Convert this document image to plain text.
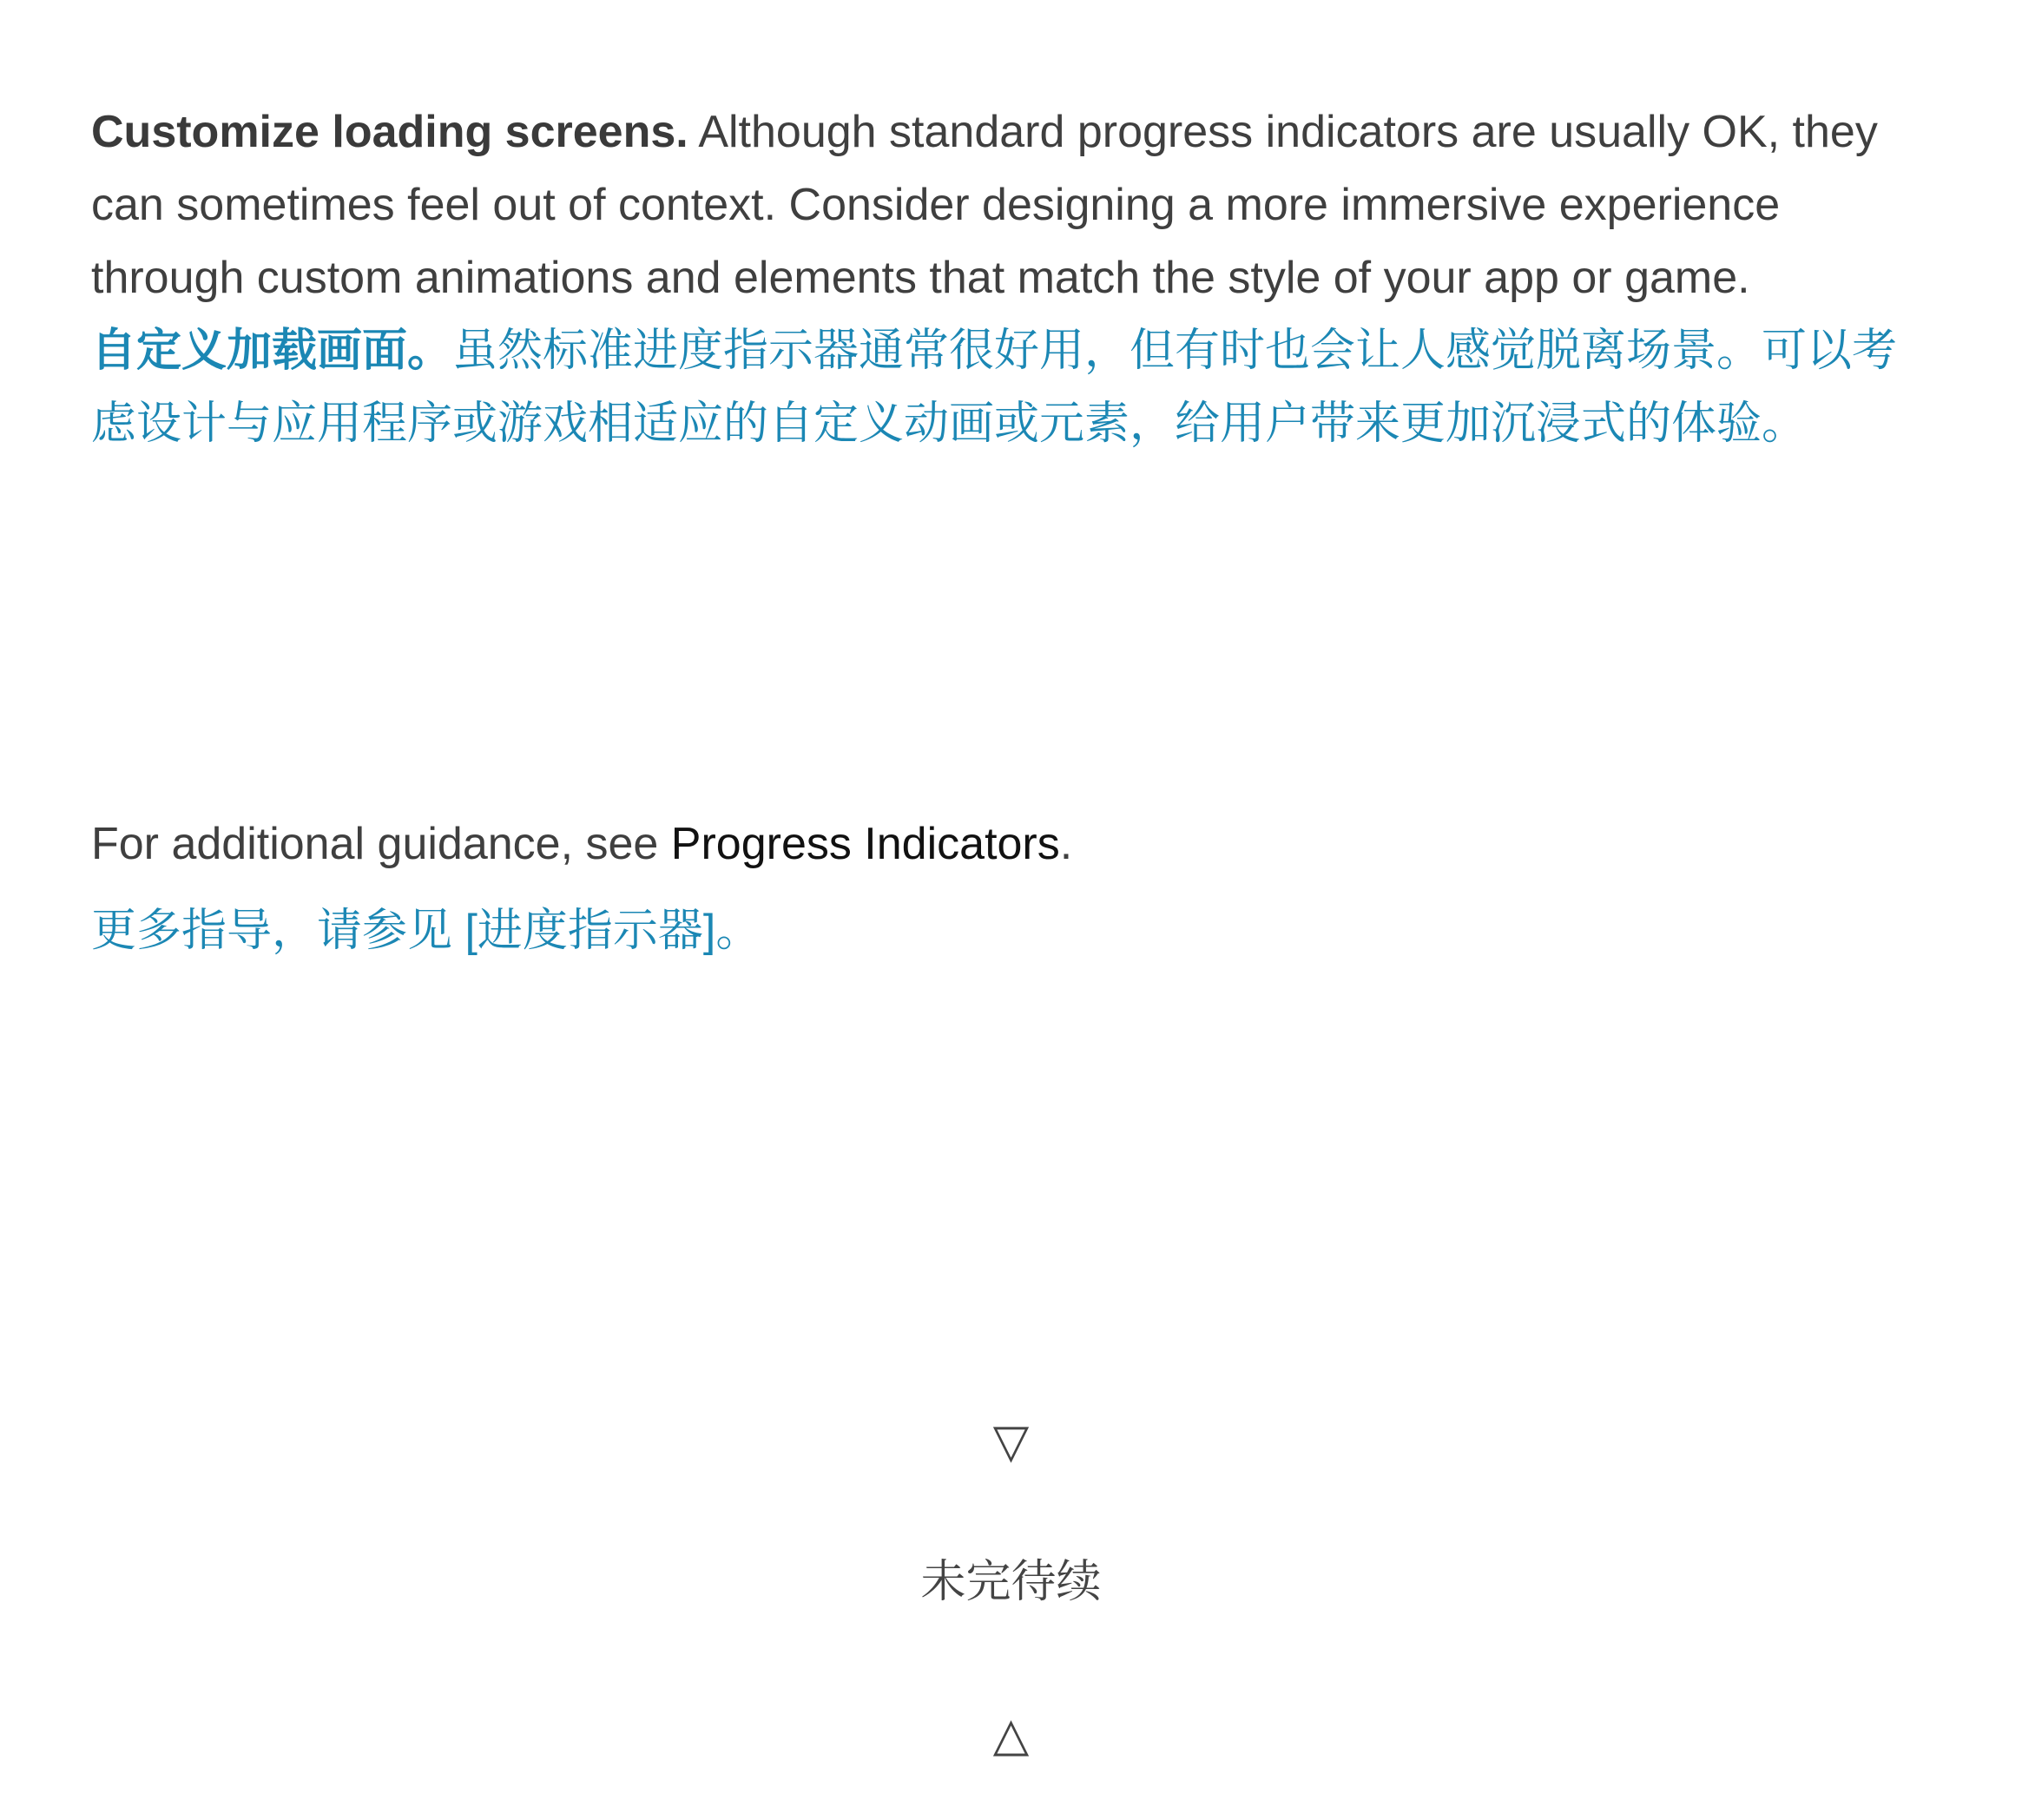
Customize loading screens. Although standard progress indicators are usually OK, they can sometimes feel out of context. Consider designing a more immersive experience through custom animations and elements that match the style of your app or game.

自定义加载画面。虽然标准进度指示器通常很好用，但有时也会让人感觉脱离场景。可以考虑设计与应用程序或游戏相适应的自定义动画或元素，给用户带来更加沉浸式的体验。

For additional guidance, see Progress Indicators.

更多指导，请参见 [进度指示器]。

▽
未完待续
△
